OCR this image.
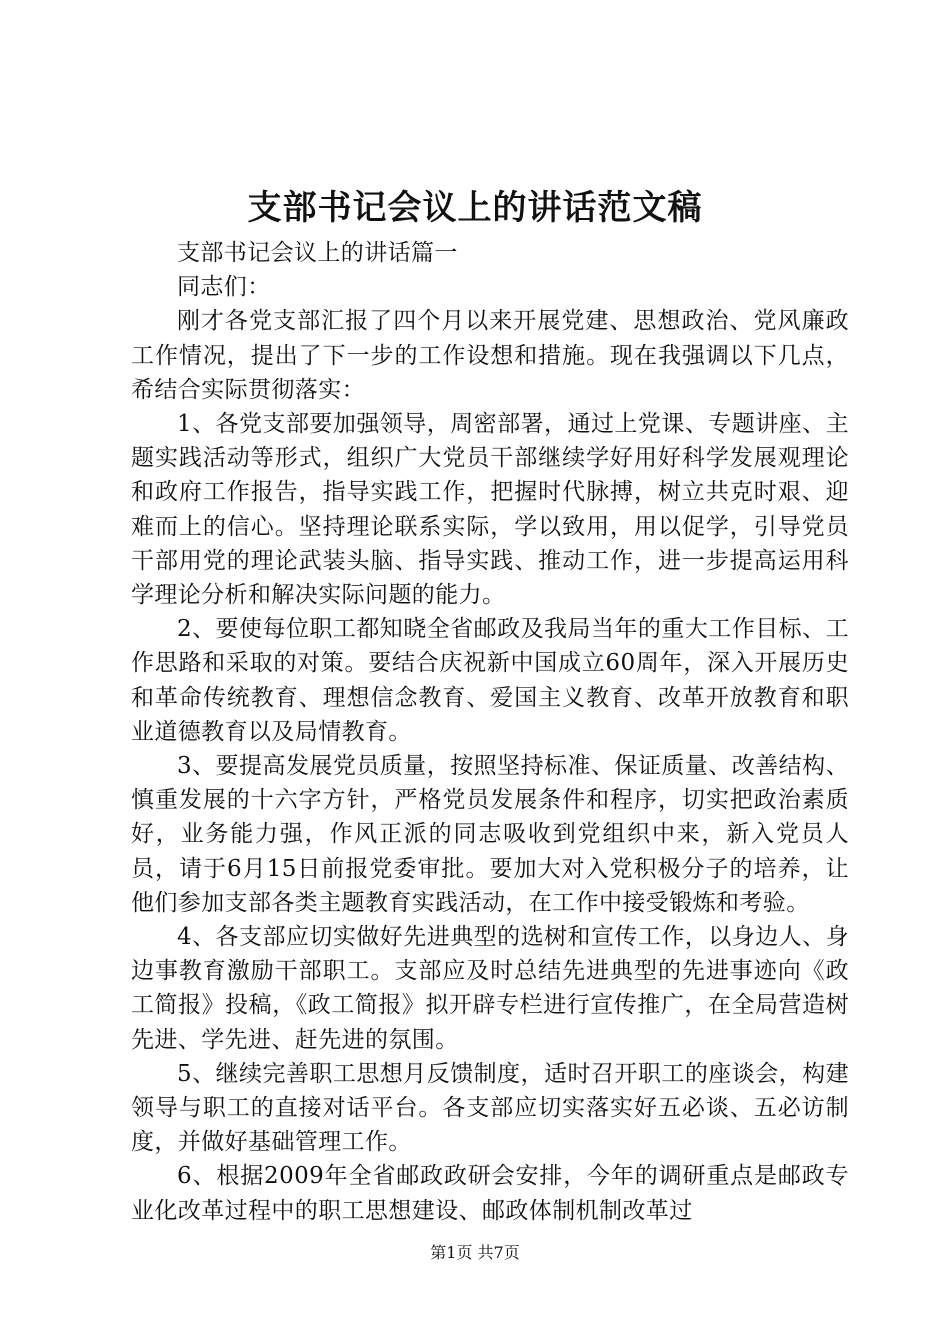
支部书记会议上的讲话范文稿

支部书记会议上的讲话篇一

同志们：

刚才各党支部汇报了四个月以来开展党建、思想政治、党风廉政工作情况，提出了下一步的工作设想和措施。现在我强调以下几点，希结合实际贯彻落实：

1、各党支部要加强领导，周密部署，通过上党课、专题讲座、主题实践活动等形式，组织广大党员干部继续学好用好科学发展观理论和政府工作报告，指导实践工作，把握时代脉搏，树立共克时艰、迎难而上的信心。坚持理论联系实际，学以致用，用以促学，引导党员干部用党的理论武装头脑、指导实践、推动工作，进一步提高运用科学理论分析和解决实际问题的能力。

2、要使每位职工都知晓全省邮政及我局当年的重大工作目标、工作思路和采取的对策。要结合庆祝新中国成立60周年，深入开展历史和革命传统教育、理想信念教育、爱国主义教育、改革开放教育和职业道德教育以及局情教育。

3、要提高发展党员质量，按照坚持标准、保证质量、改善结构、慎重发展的十六字方针，严格党员发展条件和程序，切实把政治素质好，业务能力强，作风正派的同志吸收到党组织中来，新入党员人员，请于6月15日前报党委审批。要加大对入党积极分子的培养，让他们参加支部各类主题教育实践活动，在工作中接受锻炼和考验。

4、各支部应切实做好先进典型的选树和宣传工作，以身边人、身边事教育激励干部职工。支部应及时总结先进典型的先进事迹向《政工简报》投稿，《政工简报》拟开辟专栏进行宣传推广，在全局营造树先进、学先进、赶先进的氛围。

5、继续完善职工思想月反馈制度，适时召开职工的座谈会，构建领导与职工的直接对话平台。各支部应切实落实好五必谈、五必访制度，并做好基础管理工作。

6、根据2009年全省邮政政研会安排，今年的调研重点是邮政专业化改革过程中的职工思想建设、邮政体制机制改革过

第1页 共7页
